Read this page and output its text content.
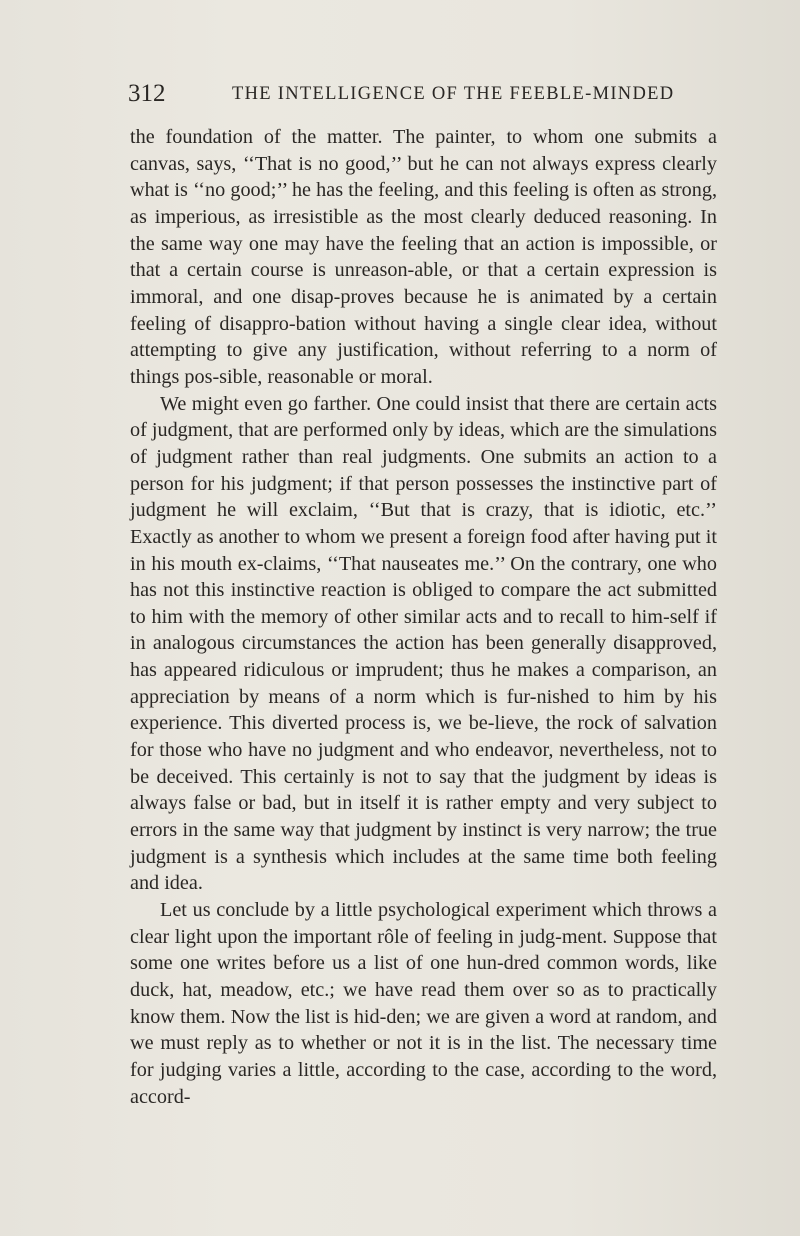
312	THE INTELLIGENCE OF THE FEEBLE-MINDED

the foundation of the matter. The painter, to whom one submits a canvas, says, ‘‘That is no good,’’ but he can not always express clearly what is ‘‘no good;’’ he has the feeling, and this feeling is often as strong, as imperious, as irresistible as the most clearly deduced reasoning. In the same way one may have the feeling that an action is impossible, or that a certain course is unreason-able, or that a certain expression is immoral, and one disap-proves because he is animated by a certain feeling of disappro-bation without having a single clear idea, without attempting to give any justification, without referring to a norm of things pos-sible, reasonable or moral.

We might even go farther. One could insist that there are certain acts of judgment, that are performed only by ideas, which are the simulations of judgment rather than real judgments. One submits an action to a person for his judgment; if that person possesses the instinctive part of judgment he will exclaim, ‘‘But that is crazy, that is idiotic, etc.’’ Exactly as another to whom we present a foreign food after having put it in his mouth ex-claims, ‘‘That nauseates me.’’ On the contrary, one who has not this instinctive reaction is obliged to compare the act submitted to him with the memory of other similar acts and to recall to him-self if in analogous circumstances the action has been generally disapproved, has appeared ridiculous or imprudent; thus he makes a comparison, an appreciation by means of a norm which is fur-nished to him by his experience. This diverted process is, we be-lieve, the rock of salvation for those who have no judgment and who endeavor, nevertheless, not to be deceived. This certainly is not to say that the judgment by ideas is always false or bad, but in itself it is rather empty and very subject to errors in the same way that judgment by instinct is very narrow; the true judgment is a synthesis which includes at the same time both feeling and idea.

Let us conclude by a little psychological experiment which throws a clear light upon the important rôle of feeling in judg-ment. Suppose that some one writes before us a list of one hun-dred common words, like duck, hat, meadow, etc.; we have read them over so as to practically know them. Now the list is hid-den; we are given a word at random, and we must reply as to whether or not it is in the list. The necessary time for judging varies a little, according to the case, according to the word, accord-
